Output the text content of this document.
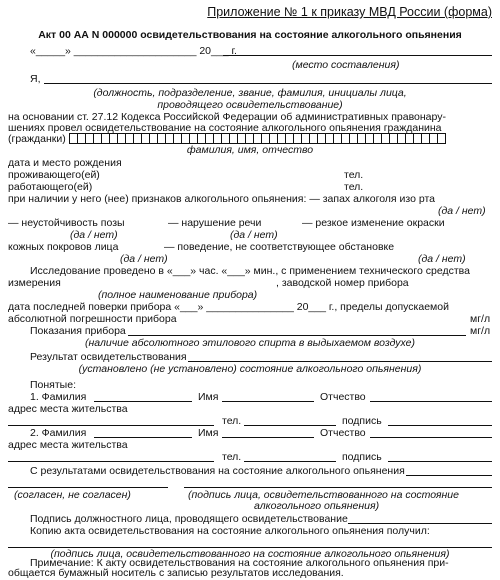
Приложение № 1 к приказу МВД России (форма)
Акт 00 АА N 000000 освидетельствования на состояние алкогольного опьянения
«_____» _____________________ 20___ г.
(место составления)
Я,
(должность, подразделение, звание, фамилия, инициалы лица,
проводящего освидетельствование)
на основании ст. 27.12 Кодекса Российской Федерации об административных правонару-
шениях провел освидетельствование на состояние алкогольного опьянения гражданина
(гражданки)
фамилия, имя, отчество
дата и место рождения
проживающего(ей)	тел.
работающего(ей)	тел.
при наличии у него (нее) признаков алкогольного опьянения: — запах алкоголя изо рта
(да / нет)
— неустойчивость позы	— нарушение речи	— резкое изменение окраски
(да / нет)	(да / нет)
кожных покровов лица	— поведение, не соответствующее обстановке
(да / нет)	(да / нет)
Исследование проведено в «___» час. «___» мин., с применением технического средства
измерения	, заводской номер прибора
(полное наименование прибора)
дата последней поверки прибора «___» _______________ 20___ г., пределы допускаемой
абсолютной погрешности прибора	мг/л
Показания прибора	мг/л
(наличие абсолютного этилового спирта в выдыхаемом воздухе)
Результат освидетельствования
(установлено (не установлено) состояние алкогольного опьянения)
Понятые:
1. Фамилия	Имя	Отчество
адрес места жительства
тел.	подпись
2. Фамилия	Имя	Отчество
адрес места жительства
тел.	подпись
С результатами освидетельствования на состояние алкогольного опьянения
(согласен, не согласен)	(подпись лица, освидетельствованного на состояние
алкогольного опьянения)
Подпись должностного лица, проводящего освидетельствование
Копию акта освидетельствования на состояние алкогольного опьянения получил:
(подпись лица, освидетельствованного на состояние алкогольного опьянения)
Примечание: К акту освидетельствования на состояние алкогольного опьянения при-
общается бумажный носитель с записью результатов исследования.
